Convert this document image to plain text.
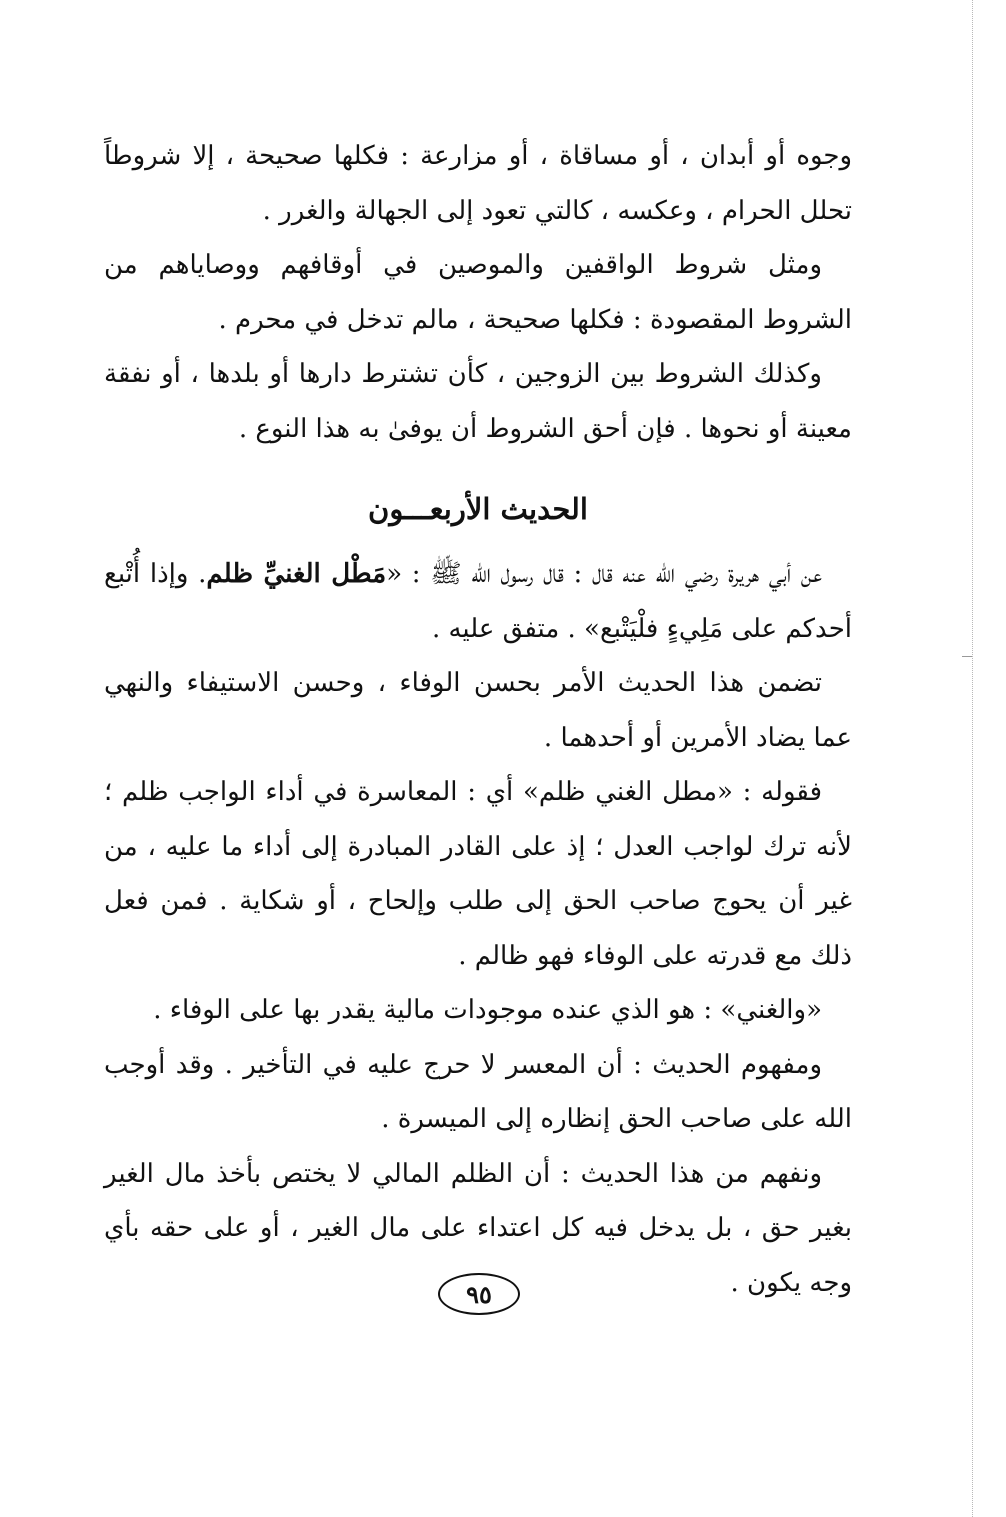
وجوه أو أبدان ، أو مساقاة ، أو مزارعة : فكلها صحيحة ، إلا شروطاً تحلل الحرام ، وعكسه ، كالتي تعود إلى الجهالة والغرر .

ومثل شروط الواقفين والموصين في أوقافهم ووصاياهم من الشروط المقصودة : فكلها صحيحة ، مالم تدخل في محرم .

وكذلك الشروط بين الزوجين ، كأن تشترط دارها أو بلدها ، أو نفقة معينة أو نحوها . فإن أحق الشروط أن يوفىٰ به هذا النوع .

الحديث الأربعـــون

عن أبي هريرة رضي الله عنه قال : قال رسول الله ﷺ : «مَطْل الغنيِّ ظلم. وإذا أُتْبع أحدكم على مَلِيءٍ فلْيَتْبع» . متفق عليه .

تضمن هذا الحديث الأمر بحسن الوفاء ، وحسن الاستيفاء والنهي عما يضاد الأمرين أو أحدهما .

فقوله : «مطل الغني ظلم» أي : المعاسرة في أداء الواجب ظلم ؛ لأنه ترك لواجب العدل ؛ إذ على القادر المبادرة إلى أداء ما عليه ، من غير أن يحوج صاحب الحق إلى طلب وإلحاح ، أو شكاية . فمن فعل ذلك مع قدرته على الوفاء فهو ظالم .

«والغني» : هو الذي عنده موجودات مالية يقدر بها على الوفاء .

ومفهوم الحديث : أن المعسر لا حرج عليه في التأخير . وقد أوجب الله على صاحب الحق إنظاره إلى الميسرة .

ونفهم من هذا الحديث : أن الظلم المالي لا يختص بأخذ مال الغير بغير حق ، بل يدخل فيه كل اعتداء على مال الغير ، أو على حقه بأي وجه يكون .

٩٥
